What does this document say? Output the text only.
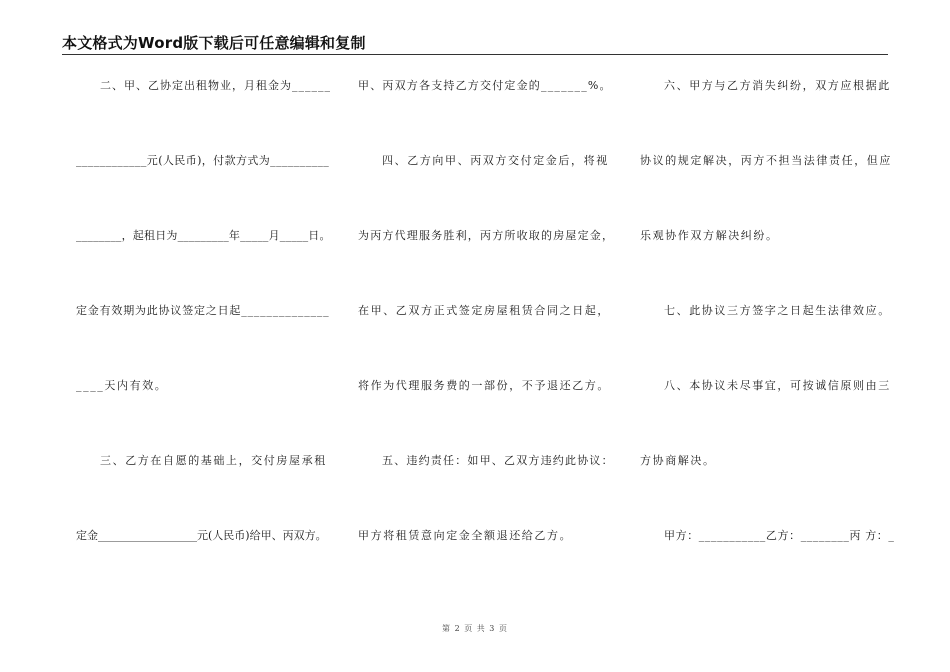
本文格式为Word版下载后可任意编辑和复制
二、甲、乙协定出租物业，月租金为______
____________元(人民币)，付款方式为__________
________，起租日为_________年_____月_____日。
定金有效期为此协议签定之日起______________
____天内有效。
三、乙方在自愿的基础上，交付房屋承租
定金__________________元(人民币)给甲、丙双方。
甲、丙双方各支持乙方交付定金的_______%。
四、乙方向甲、丙双方交付定金后，将视
为丙方代理服务胜利，丙方所收取的房屋定金，
在甲、乙双方正式签定房屋租赁合同之日起，
将作为代理服务费的一部份，不予退还乙方。
五、违约责任：如甲、乙双方违约此协议：
甲方将租赁意向定金全额退还给乙方。
六、甲方与乙方消失纠纷，双方应根据此
协议的规定解决，丙方不担当法律责任，但应
乐观协作双方解决纠纷。
七、此协议三方签字之日起生法律效应。
八、本协议未尽事宜，可按诚信原则由三
方协商解决。
甲方：___________乙方：________丙 方：_
第 2 页 共 3 页
